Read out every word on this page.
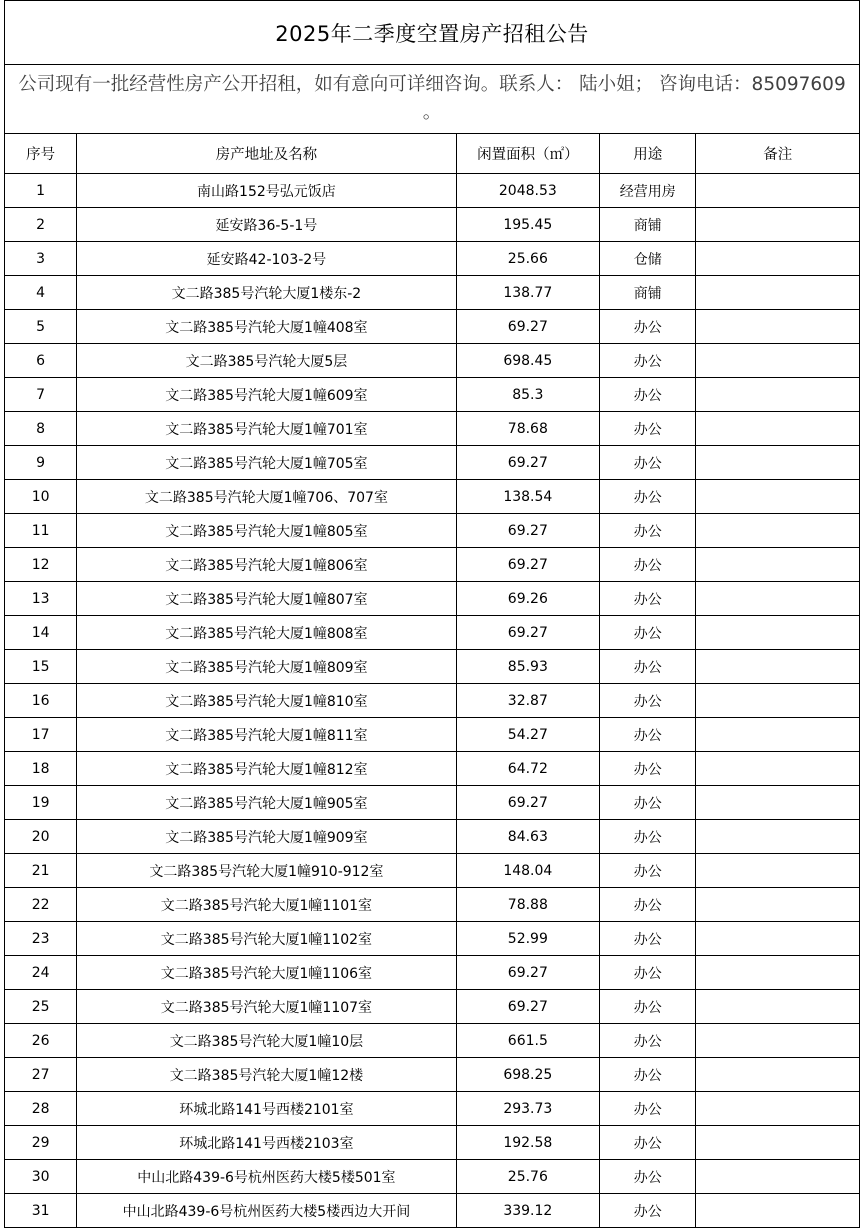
2025年二季度空置房产招租公告				
公司现有一批经营性房产公开招租，如有意向可详细咨询。联系人： 陆小姐； 咨询电话：85097609 。				
序号	房产地址及名称	闲置面积（㎡）	用途	备注
1	南山路152号弘元饭店	2048.53	经营用房	
2	延安路36-5-1号	195.45	商铺	
3	延安路42-103-2号	25.66	仓储	
4	文二路385号汽轮大厦1楼东-2	138.77	商铺	
5	文二路385号汽轮大厦1幢408室	69.27	办公	
6	文二路385号汽轮大厦5层	698.45	办公	
7	文二路385号汽轮大厦1幢609室	85.3	办公	
8	文二路385号汽轮大厦1幢701室	78.68	办公	
9	文二路385号汽轮大厦1幢705室	69.27	办公	
10	文二路385号汽轮大厦1幢706、707室	138.54	办公	
11	文二路385号汽轮大厦1幢805室	69.27	办公	
12	文二路385号汽轮大厦1幢806室	69.27	办公	
13	文二路385号汽轮大厦1幢807室	69.26	办公	
14	文二路385号汽轮大厦1幢808室	69.27	办公	
15	文二路385号汽轮大厦1幢809室	85.93	办公	
16	文二路385号汽轮大厦1幢810室	32.87	办公	
17	文二路385号汽轮大厦1幢811室	54.27	办公	
18	文二路385号汽轮大厦1幢812室	64.72	办公	
19	文二路385号汽轮大厦1幢905室	69.27	办公	
20	文二路385号汽轮大厦1幢909室	84.63	办公	
21	文二路385号汽轮大厦1幢910-912室	148.04	办公	
22	文二路385号汽轮大厦1幢1101室	78.88	办公	
23	文二路385号汽轮大厦1幢1102室	52.99	办公	
24	文二路385号汽轮大厦1幢1106室	69.27	办公	
25	文二路385号汽轮大厦1幢1107室	69.27	办公	
26	文二路385号汽轮大厦1幢10层	661.5	办公	
27	文二路385号汽轮大厦1幢12楼	698.25	办公	
28	环城北路141号西楼2101室	293.73	办公	
29	环城北路141号西楼2103室	192.58	办公	
30	中山北路439-6号杭州医药大楼5楼501室	25.76	办公	
31	中山北路439-6号杭州医药大楼5楼西边大开间	339.12	办公	
